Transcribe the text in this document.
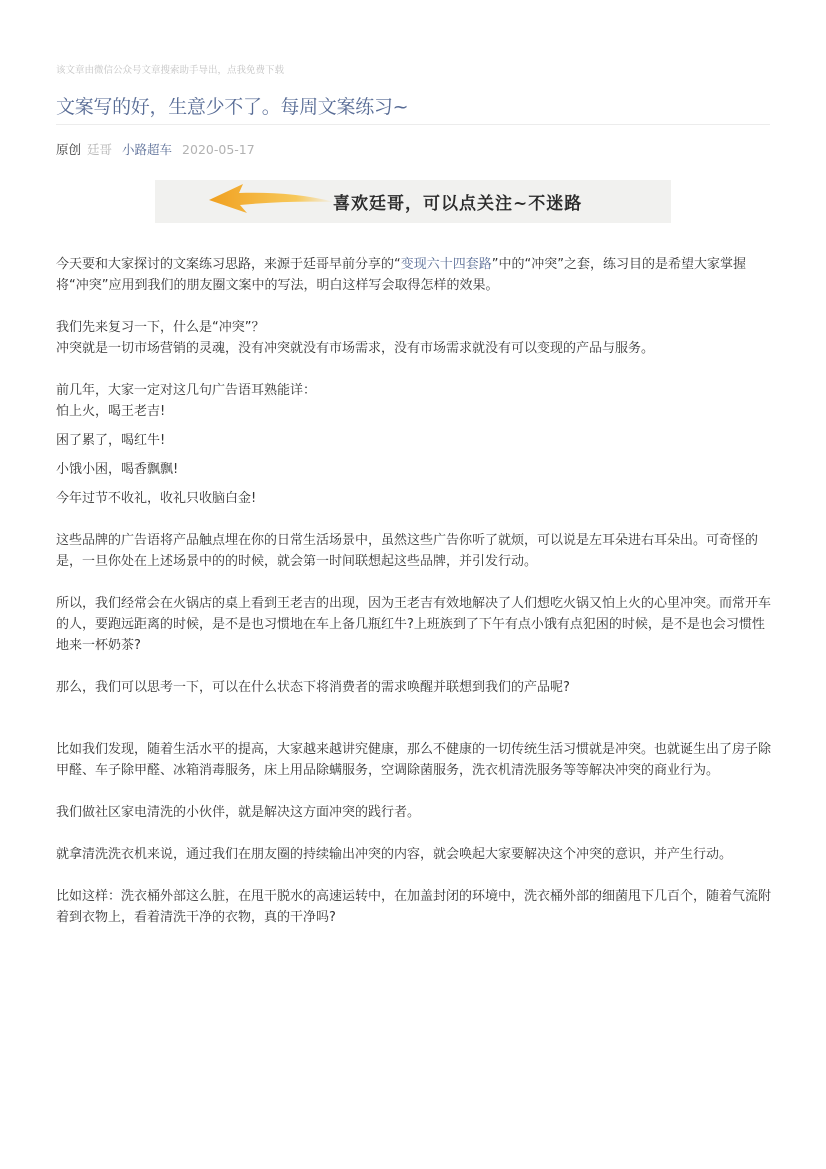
该文章由微信公众号文章搜索助手导出，点我免费下载
文案写的好，生意少不了。每周文案练习~
原创 廷哥 小路超车 2020-05-17
喜欢廷哥，可以点关注~不迷路

今天要和大家探讨的文案练习思路，来源于廷哥早前分享的“变现六十四套路”中的“冲突”之套，练习目的是希望大家掌握将“冲突”应用到我们的朋友圈文案中的写法，明白这样写会取得怎样的效果。

我们先来复习一下，什么是“冲突”？

冲突就是一切市场营销的灵魂，没有冲突就没有市场需求，没有市场需求就没有可以变现的产品与服务。

前几年，大家一定对这几句广告语耳熟能详：

怕上火，喝王老吉!

困了累了，喝红牛!

小饿小困，喝香飘飘!

今年过节不收礼，收礼只收脑白金!

这些品牌的广告语将产品触点埋在你的日常生活场景中，虽然这些广告你听了就烦，可以说是左耳朵进右耳朵出。可奇怪的是，一旦你处在上述场景中的的时候，就会第一时间联想起这些品牌，并引发行动。

所以，我们经常会在火锅店的桌上看到王老吉的出现，因为王老吉有效地解决了人们想吃火锅又怕上火的心里冲突。而常开车的人，要跑远距离的时候，是不是也习惯地在车上备几瓶红牛?上班族到了下午有点小饿有点犯困的时候，是不是也会习惯性地来一杯奶茶?

那么，我们可以思考一下，可以在什么状态下将消费者的需求唤醒并联想到我们的产品呢?

比如我们发现，随着生活水平的提高，大家越来越讲究健康，那么不健康的一切传统生活习惯就是冲突。也就诞生出了房子除甲醛、车子除甲醛、冰箱消毒服务，床上用品除螨服务，空调除菌服务，洗衣机清洗服务等等解决冲突的商业行为。

我们做社区家电清洗的小伙伴，就是解决这方面冲突的践行者。

就拿清洗洗衣机来说，通过我们在朋友圈的持续输出冲突的内容，就会唤起大家要解决这个冲突的意识，并产生行动。

比如这样：洗衣桶外部这么脏，在甩干脱水的高速运转中，在加盖封闭的环境中，洗衣桶外部的细菌甩下几百个，随着气流附着到衣物上，看着清洗干净的衣物，真的干净吗?
